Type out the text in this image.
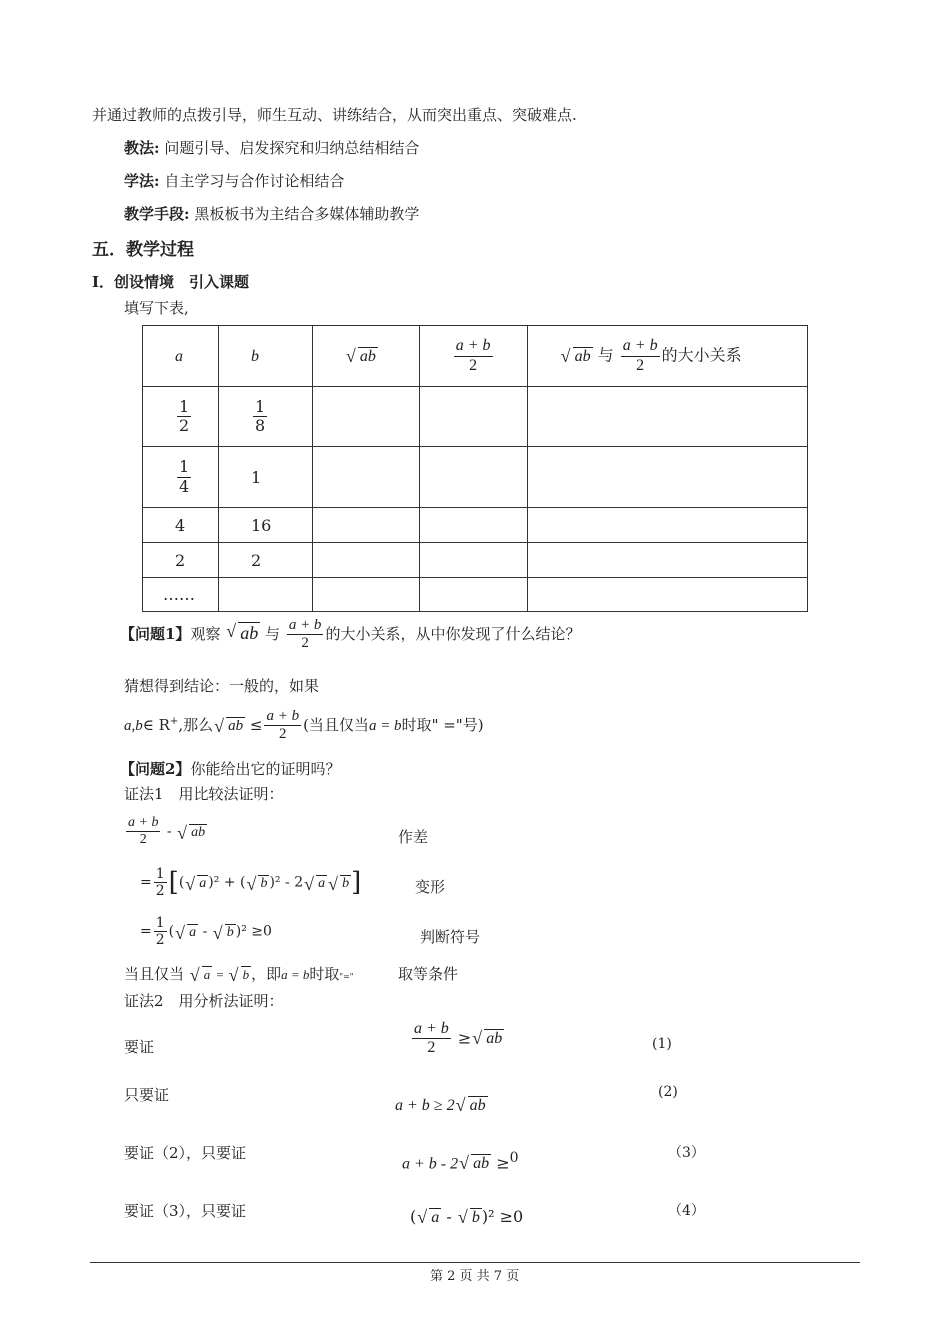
并通过教师的点拨引导，师生互动、讲练结合，从而突出重点、突破难点.
教法: 问题引导、启发探究和归纳总结相结合
学法: 自主学习与合作讨论相结合
教学手段: 黑板板书为主结合多媒体辅助教学
五．教学过程
Ⅰ．创设情境　引入课题
填写下表,
a	b	√ ab	$\frac{a + b}{2}$	√ ab 与 $\frac{a + b}{2}$ 的大小关系

$\frac{1}{2}$	$\frac{1}{8}$

$\frac{1}{4}$	1			
4	16			
2	2			
……				
【问题1】观察 √ ab 与 $\frac{a + b}{2}$ 的大小关系，从中你发现了什么结论？
猜想得到结论：一般的，如果
a,b∈ R+,那么 √ ab ≤ $\frac{a + b}{2}$ (当且仅当a = b时取" ="号)
【问题2】你能给出它的证明吗？
证法1　用比较法证明：
$\frac{a + b}{2}$ - √ ab	作差
= $\frac{1}{2}$ [( √ a )² + ( √ b )² - 2 √ a √ b]	变形
= $\frac{1}{2}$ ( √ a - √ b )² ≥0	判断符号
当且仅当 √ a = √ b ，即a = b时取"="	取等条件
证法2　用分析法证明：
要证	$\frac{a + b}{2}$ ≥ √ ab	(1)
只要证
a + b ≥ 2 √ ab
(2)
要证（2），只要证
a + b - 2 √ ab ≥$^0$	（3）
要证（3），只要证	( √ a - √ b )² ≥0	（4）
第 2 页 共 7 页
